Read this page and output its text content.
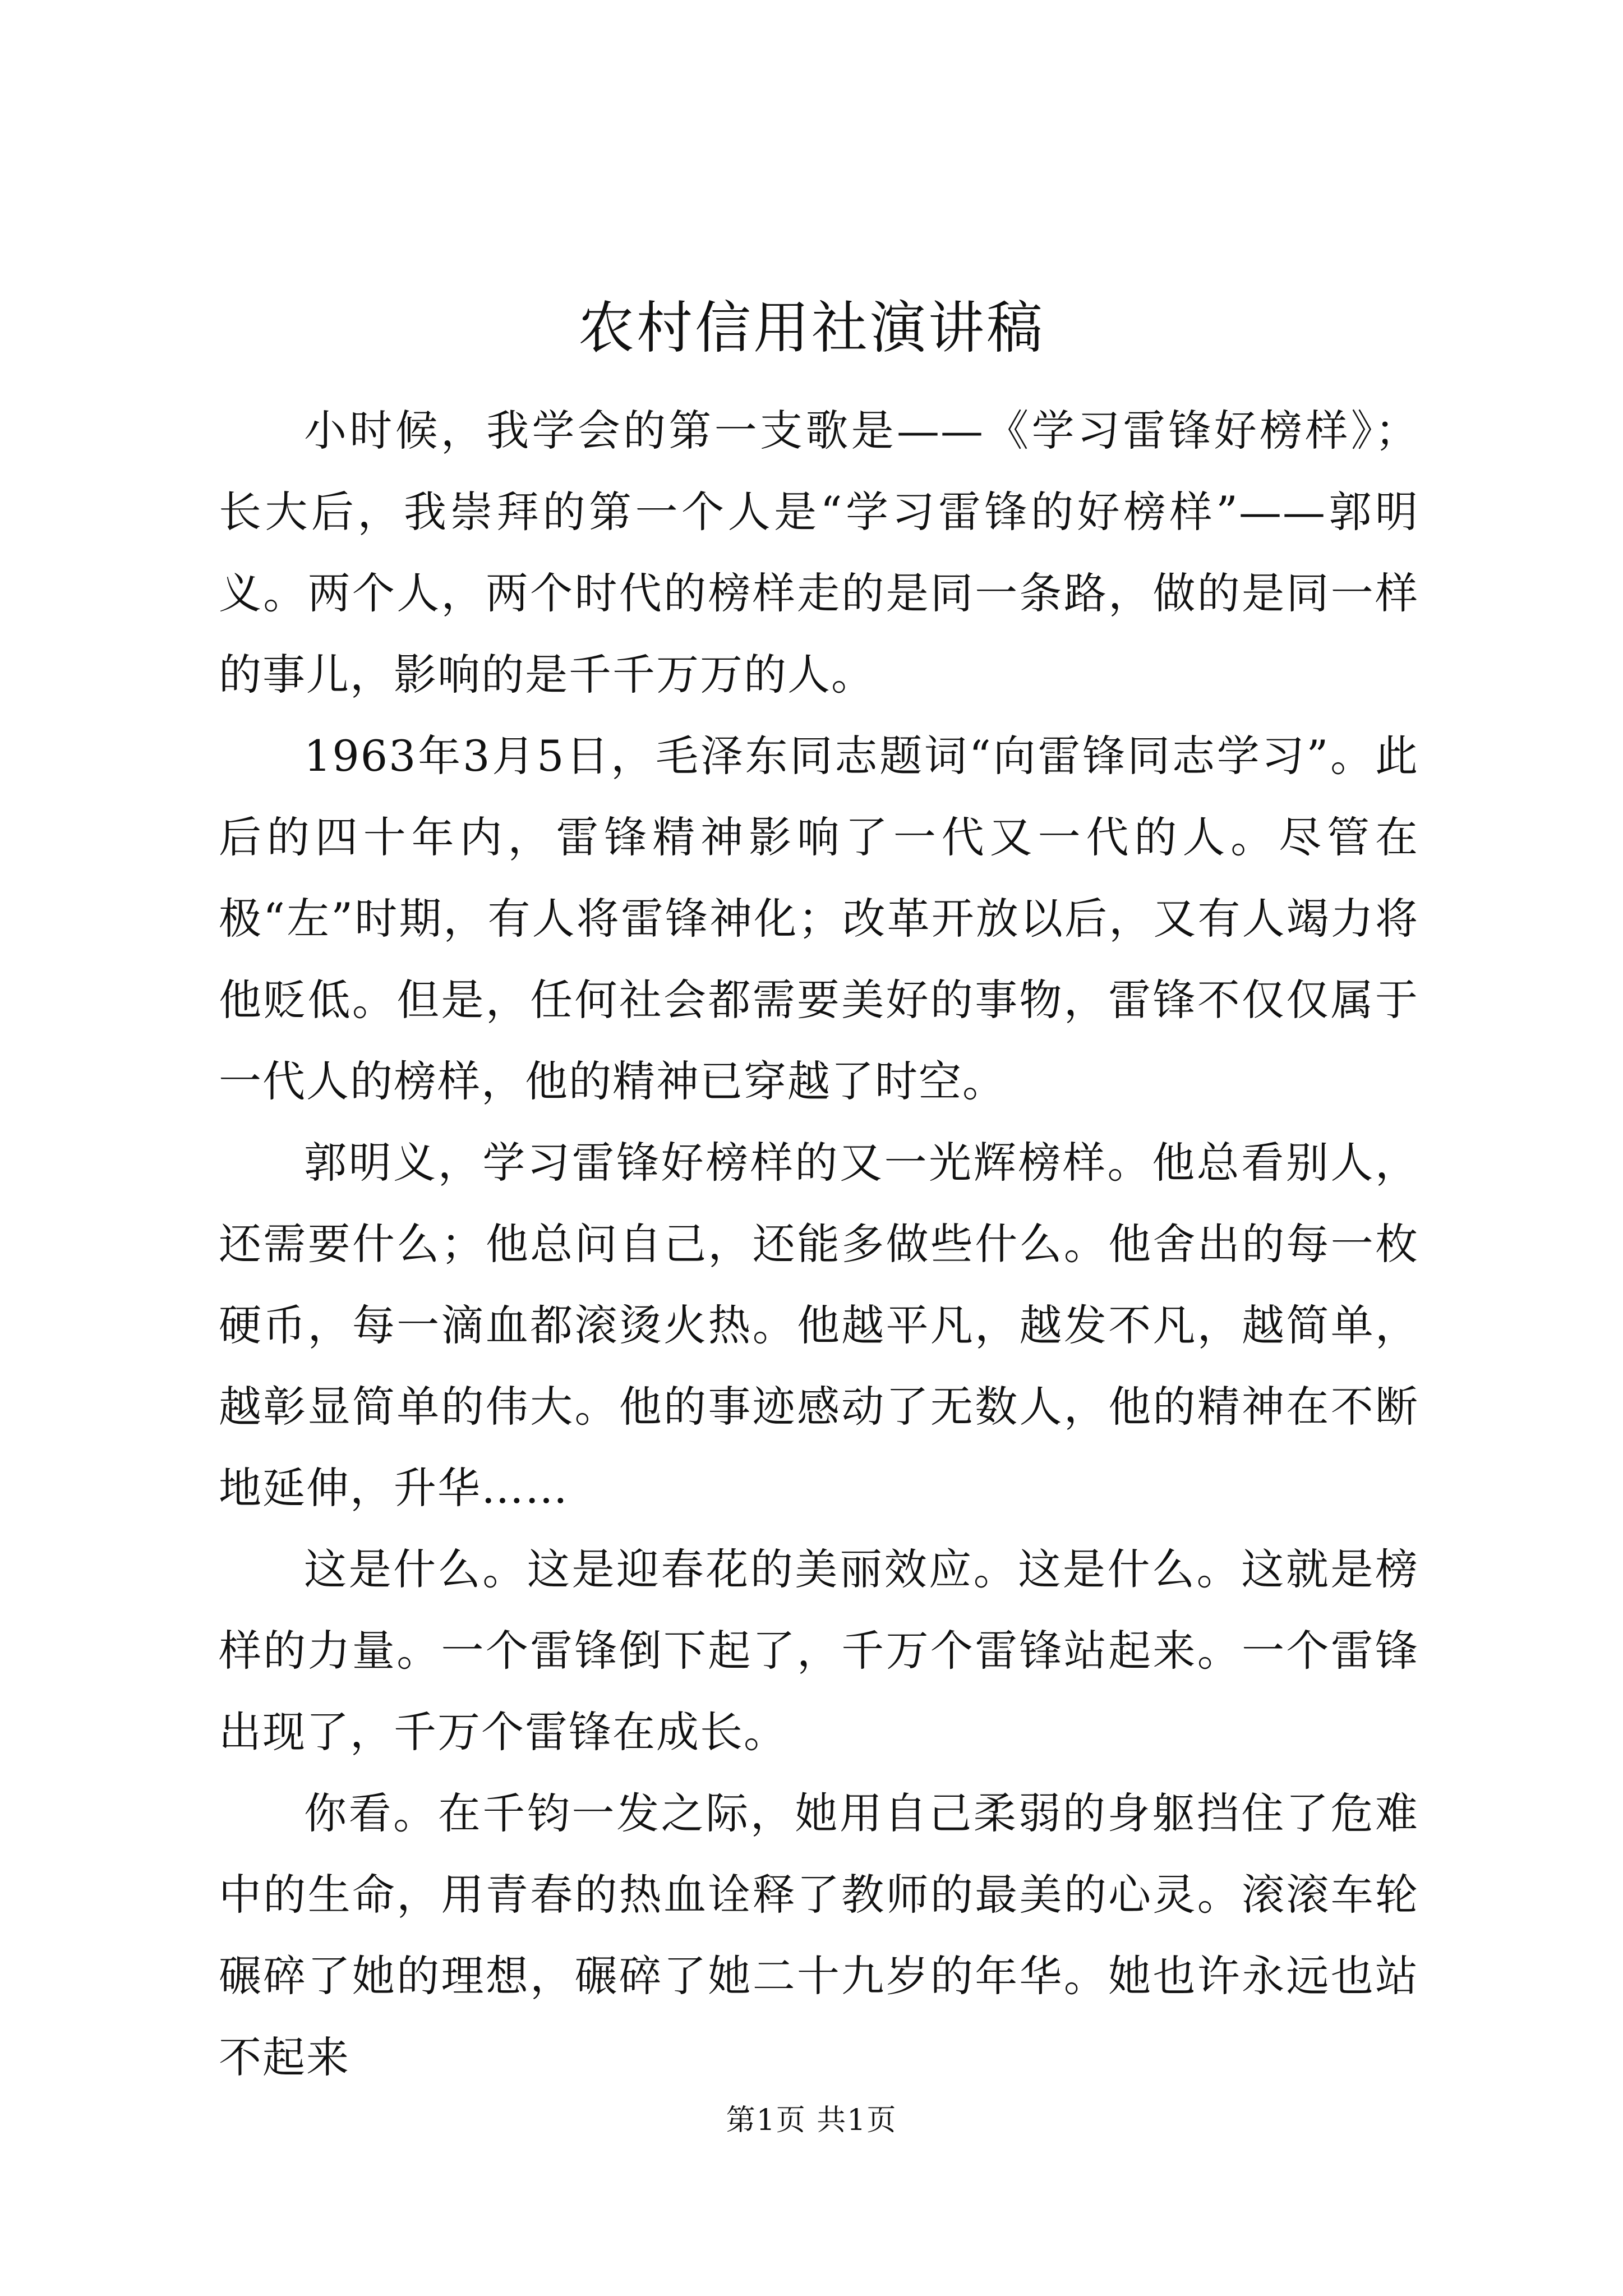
农村信用社演讲稿

小时候，我学会的第一支歌是——《学习雷锋好榜样》；长大后，我崇拜的第一个人是“学习雷锋的好榜样”——郭明义。两个人，两个时代的榜样走的是同一条路，做的是同一样的事儿，影响的是千千万万的人。

1963年3月5日，毛泽东同志题词“向雷锋同志学习”。此后的四十年内，雷锋精神影响了一代又一代的人。尽管在极“左”时期，有人将雷锋神化；改革开放以后，又有人竭力将他贬低。但是，任何社会都需要美好的事物，雷锋不仅仅属于一代人的榜样，他的精神已穿越了时空。

郭明义，学习雷锋好榜样的又一光辉榜样。他总看别人，还需要什么；他总问自己，还能多做些什么。他舍出的每一枚硬币，每一滴血都滚烫火热。他越平凡，越发不凡，越简单，越彰显简单的伟大。他的事迹感动了无数人，他的精神在不断地延伸，升华……

这是什么。这是迎春花的美丽效应。这是什么。这就是榜样的力量。一个雷锋倒下起了，千万个雷锋站起来。一个雷锋出现了，千万个雷锋在成长。

你看。在千钧一发之际，她用自己柔弱的身躯挡住了危难中的生命，用青春的热血诠释了教师的最美的心灵。滚滚车轮碾碎了她的理想，碾碎了她二十九岁的年华。她也许永远也站不起来

第1页 共1页
